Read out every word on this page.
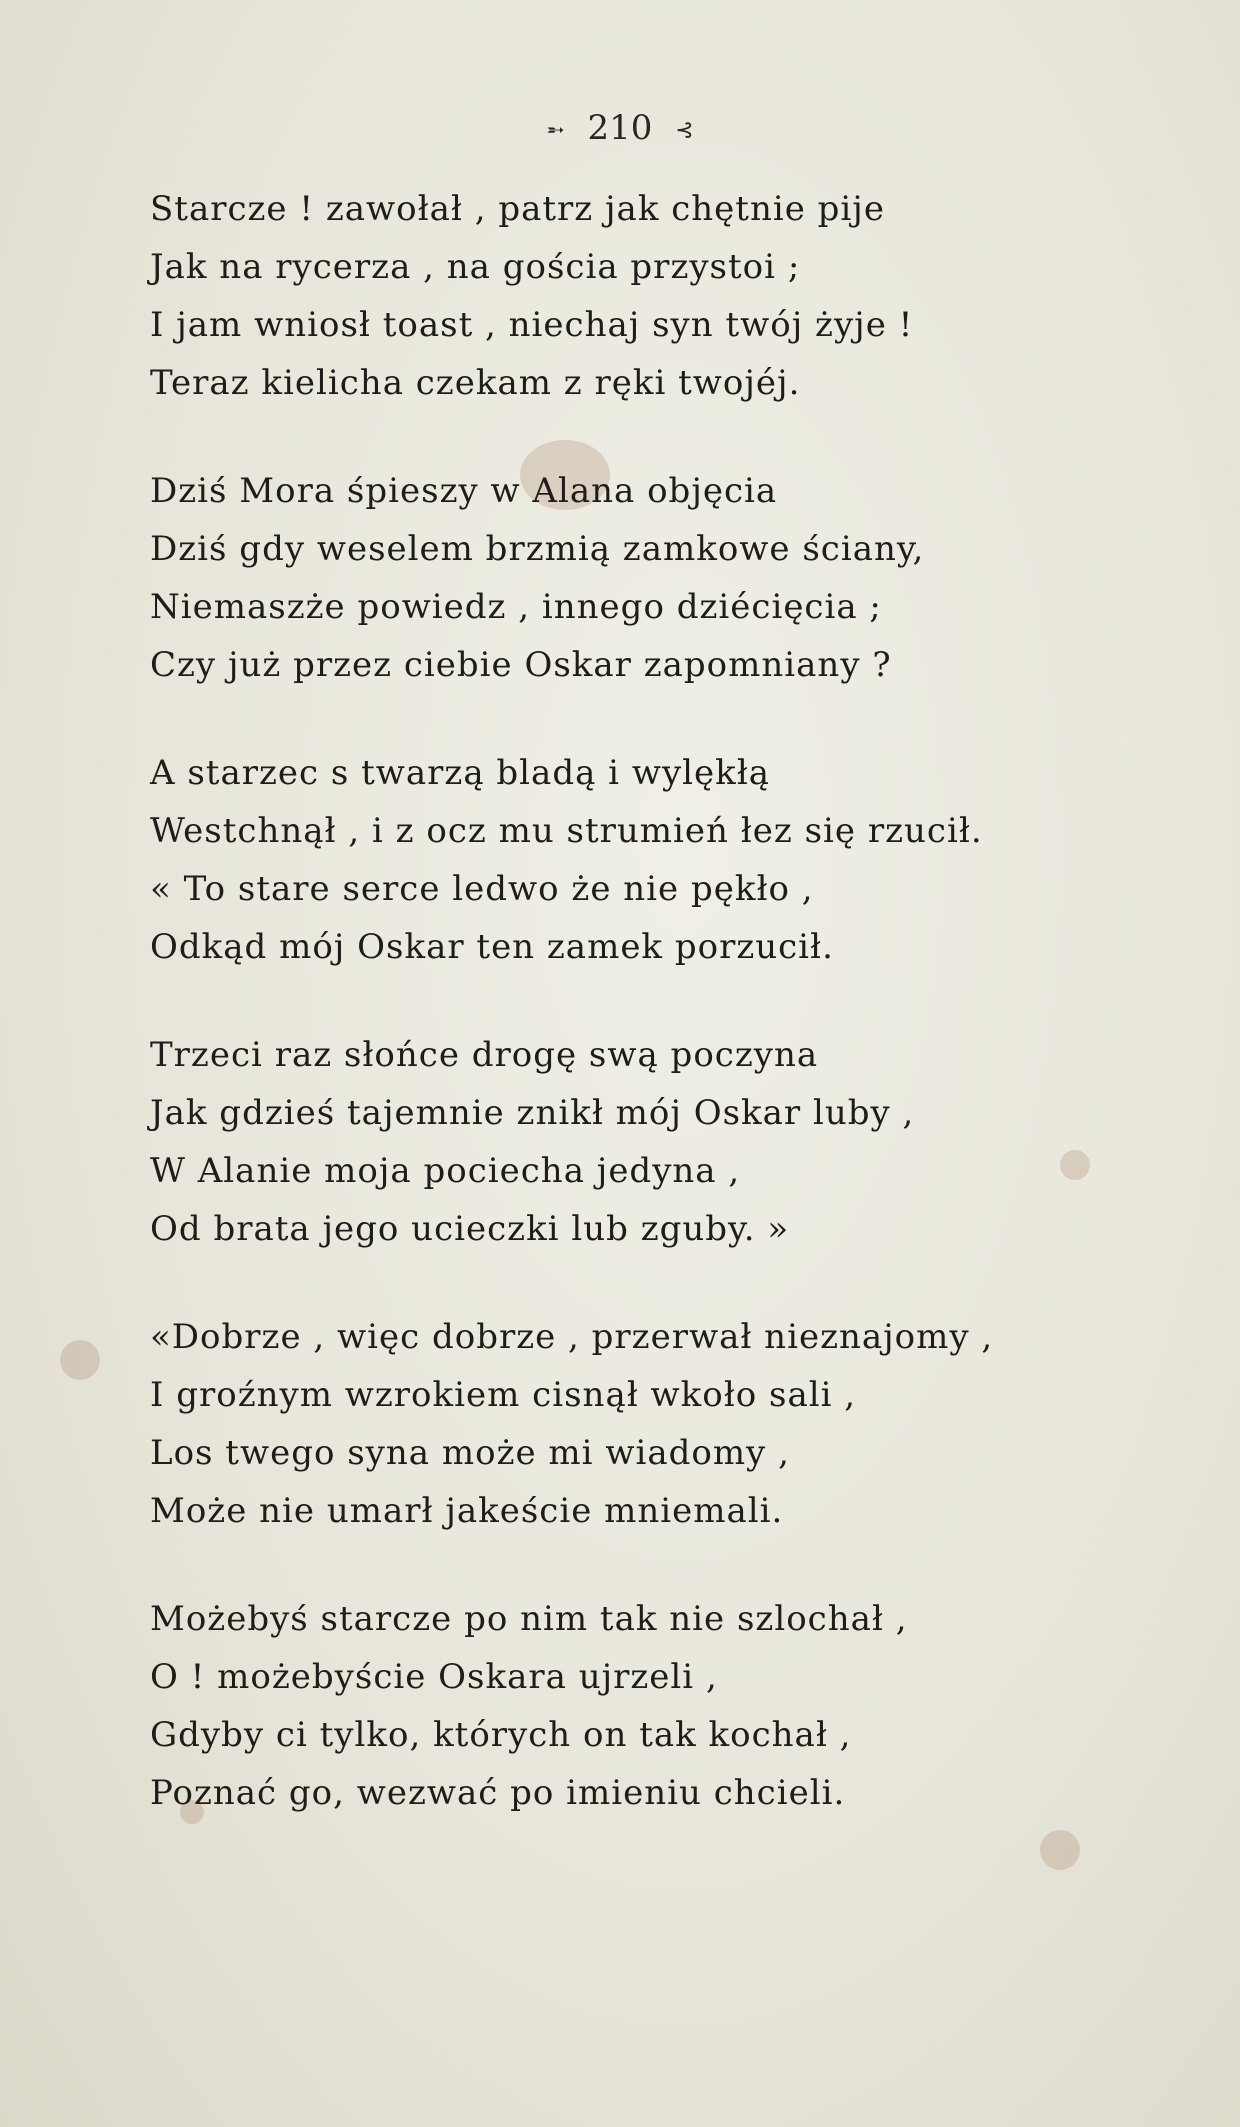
➵ 210 ⊰
Starcze ! zawołał , patrz jak chętnie pije
Jak na rycerza , na gościa przystoi ;
I jam wniosł toast , niechaj syn twój żyje !
Teraz kielicha czekam z ręki twojéj.
Dziś Mora śpieszy w Alana objęcia
Dziś gdy weselem brzmią zamkowe ściany,
Niemaszże powiedz , innego dziécięcia ;
Czy już przez ciebie Oskar zapomniany ?
A starzec s twarzą bladą i wylękłą
Westchnął , i z ocz mu strumień łez się rzucił.
« To stare serce ledwo że nie pękło ,
Odkąd mój Oskar ten zamek porzucił.
Trzeci raz słońce drogę swą poczyna
Jak gdzieś tajemnie znikł mój Oskar luby ,
W Alanie moja pociecha jedyna ,
Od brata jego ucieczki lub zguby. »
«Dobrze , więc dobrze , przerwał nieznajomy ,
I groźnym wzrokiem cisnął wkoło sali ,
Los twego syna może mi wiadomy ,
Może nie umarł jakeście mniemali.
Możebyś starcze po nim tak nie szlochał ,
O ! możebyście Oskara ujrzeli ,
Gdyby ci tylko, których on tak kochał ,
Poznać go, wezwać po imieniu chcieli.
